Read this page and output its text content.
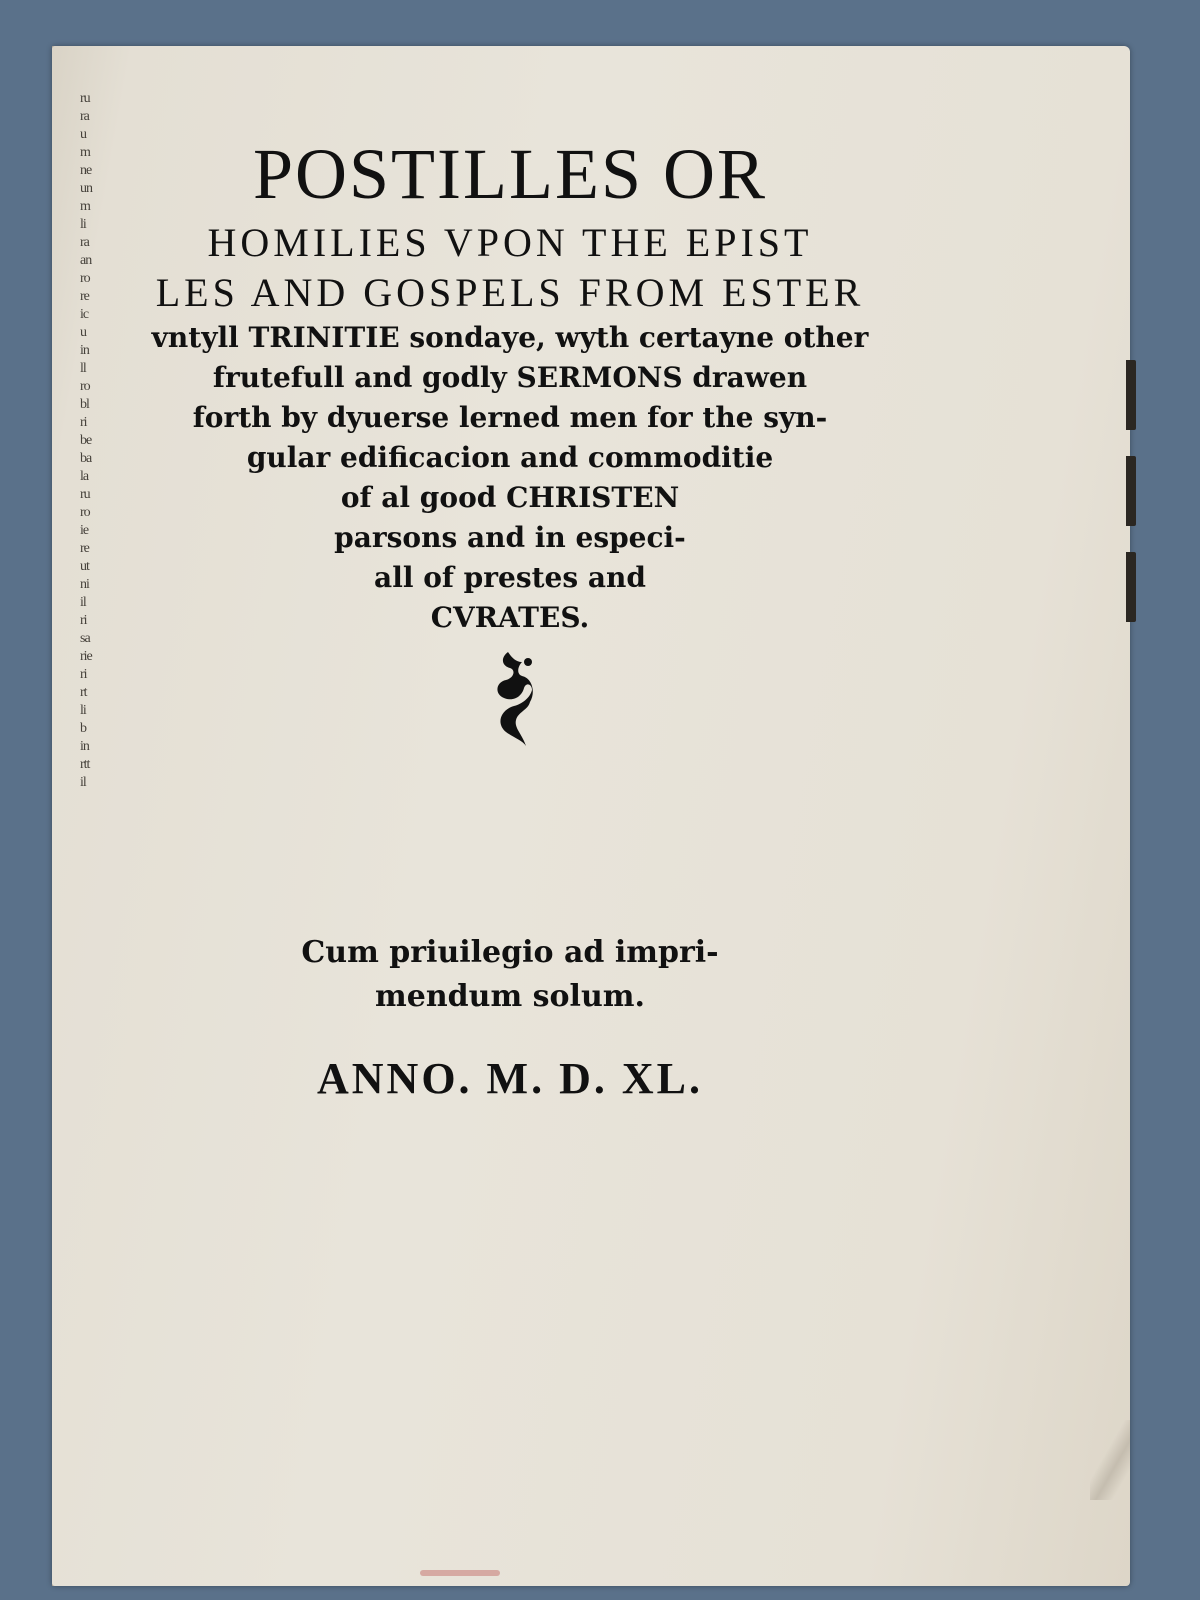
ru
ra
u
m
ne
un
m
li
ra
an
ro
re
ic
u
in
ll
ro
bl
ri
be
ba
la
ru
ro
ie
re
ut
ni
il
ri
sa
rie
ri
rt
li
b
in
rtt
il

POSTILLES OR
HOMILIES VPON THE EPIST
LES AND GOSPELS FROM ESTER
vntyll TRINITIE sondaye, wyth certayne other
frutefull and godly SERMONS drawen
forth by dyuerse lerned men for the syn-
gular edificacion and commoditie
of al good CHRISTEN
parsons and in especi-
all of prestes and
CVRATES.
Cum priuilegio ad impri-
mendum solum.
ANNO. M. D. XL.
